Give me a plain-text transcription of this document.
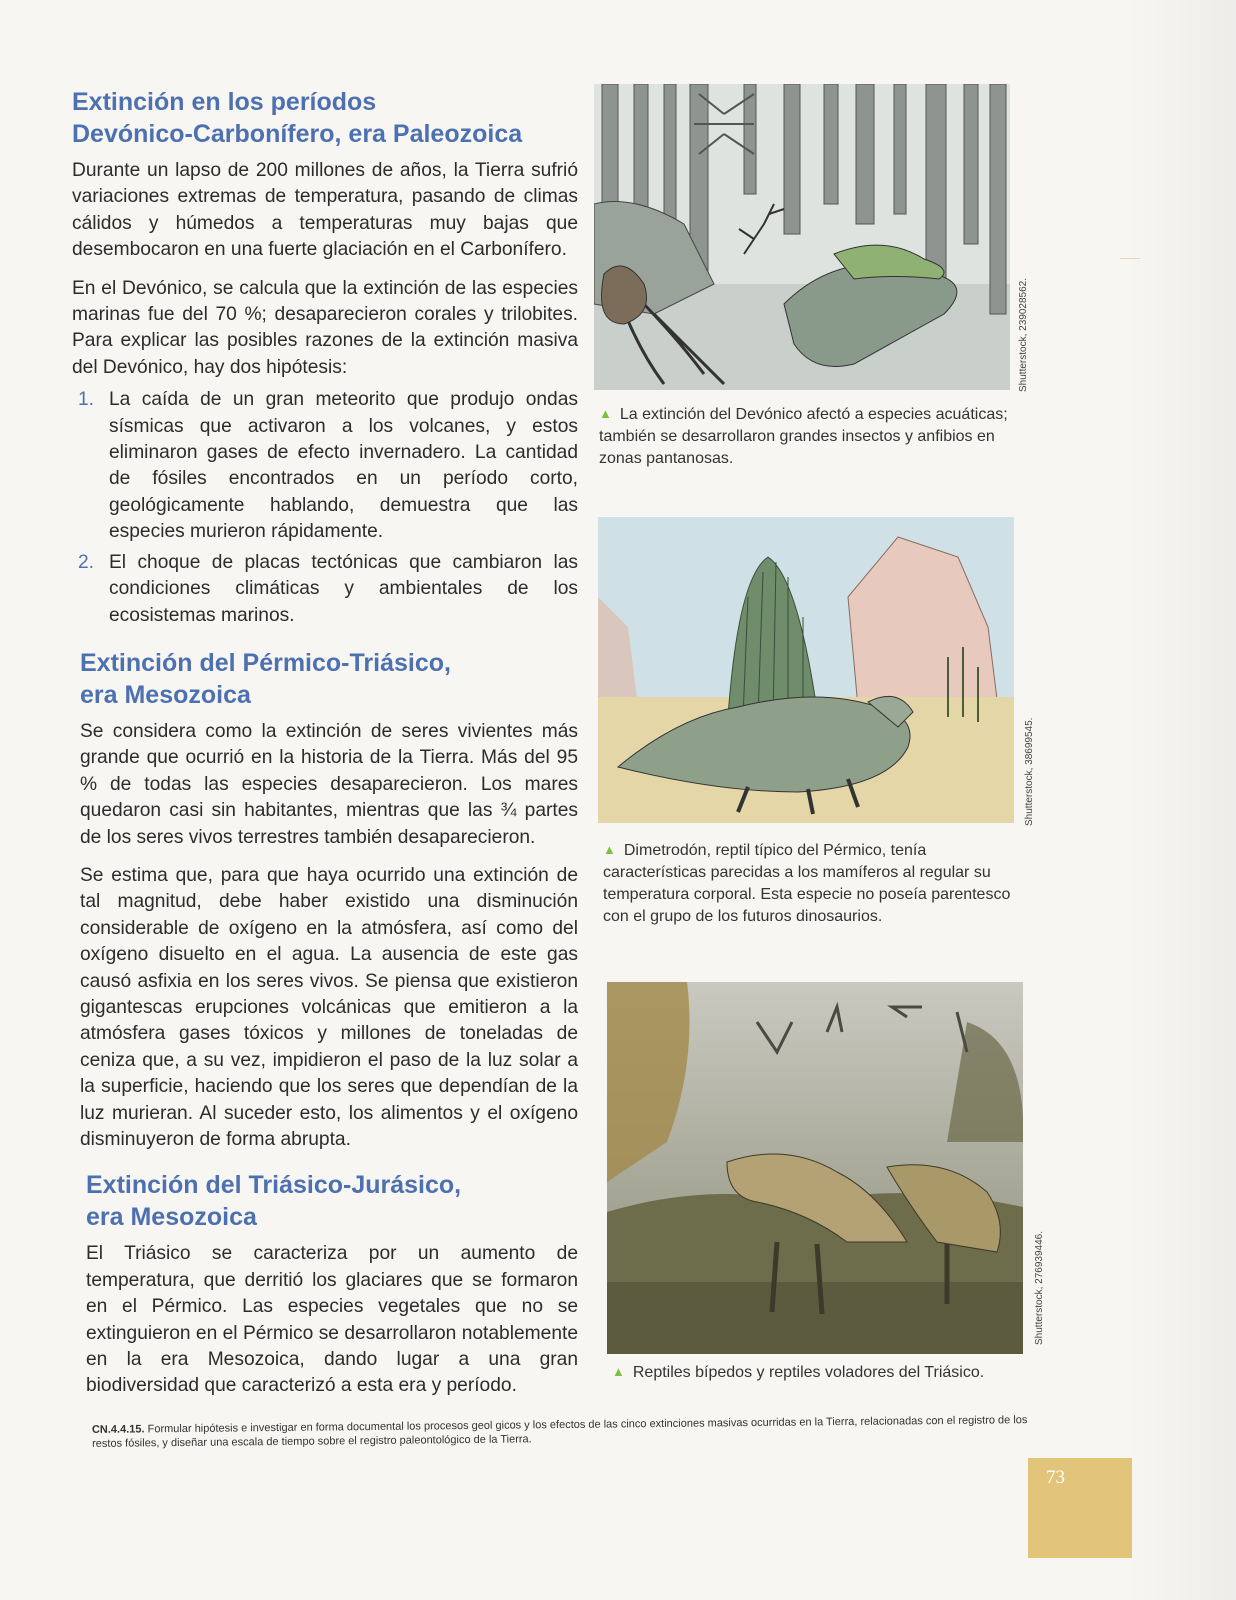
Extinción en los períodos
Devónico-Carbonífero, era Paleozoica

Durante un lapso de 200 millones de años, la Tierra sufrió variaciones extremas de temperatura, pasando de climas cálidos y húmedos a temperaturas muy bajas que desembocaron en una fuerte glaciación en el Carbonífero.

En el Devónico, se calcula que la extinción de las especies marinas fue del 70 %; desaparecieron corales y trilobites. Para explicar las posibles razones de la extinción masiva del Devónico, hay dos hipótesis:

1. La caída de un gran meteorito que produjo ondas sísmicas que activaron a los volcanes, y estos eliminaron gases de efecto invernadero. La cantidad de fósiles encontrados en un período corto, geológicamente hablando, demuestra que las especies murieron rápidamente.
2. El choque de placas tectónicas que cambiaron las condiciones climáticas y ambientales de los ecosistemas marinos.
Extinción del Pérmico-Triásico,
era Mesozoica

Se considera como la extinción de seres vivientes más grande que ocurrió en la historia de la Tierra. Más del 95 % de todas las especies desaparecieron. Los mares quedaron casi sin habitantes, mientras que las ¾ partes de los seres vivos terrestres también desaparecieron.

Se estima que, para que haya ocurrido una extinción de tal magnitud, debe haber existido una disminución considerable de oxígeno en la atmósfera, así como del oxígeno disuelto en el agua. La ausencia de este gas causó asfixia en los seres vivos. Se piensa que existieron gigantescas erupciones volcánicas que emitieron a la atmósfera gases tóxicos y millones de toneladas de ceniza que, a su vez, impidieron el paso de la luz solar a la superficie, haciendo que los seres que dependían de la luz murieran. Al suceder esto, los alimentos y el oxígeno disminuyeron de forma abrupta.

Extinción del Triásico-Jurásico,
era Mesozoica

El Triásico se caracteriza por un aumento de temperatura, que derritió los glaciares que se formaron en el Pérmico. Las especies vegetales que no se extinguieron en el Pérmico se desarrollaron notablemente en la era Mesozoica, dando lugar a una gran biodiversidad que caracterizó a esta era y período.

Shutterstock, 239028562.
▲ La extinción del Devónico afectó a especies acuáticas; también se desarrollaron grandes insectos y anfibios en zonas pantanosas.
Shutterstock, 38699545.
▲ Dimetrodón, reptil típico del Pérmico, tenía características parecidas a los mamíferos al regular su temperatura corporal. Esta especie no poseía parentesco con el grupo de los futuros dinosaurios.
Shutterstock, 276939446.
▲ Reptiles bípedos y reptiles voladores del Triásico.
CN.4.4.15. Formular hipótesis e investigar en forma documental los procesos geol gicos y los efectos de las cinco extinciones masivas ocurridas en la Tierra, relacionadas con el registro de los restos fósiles, y diseñar una escala de tiempo sobre el registro paleontológico de la Tierra.
73
